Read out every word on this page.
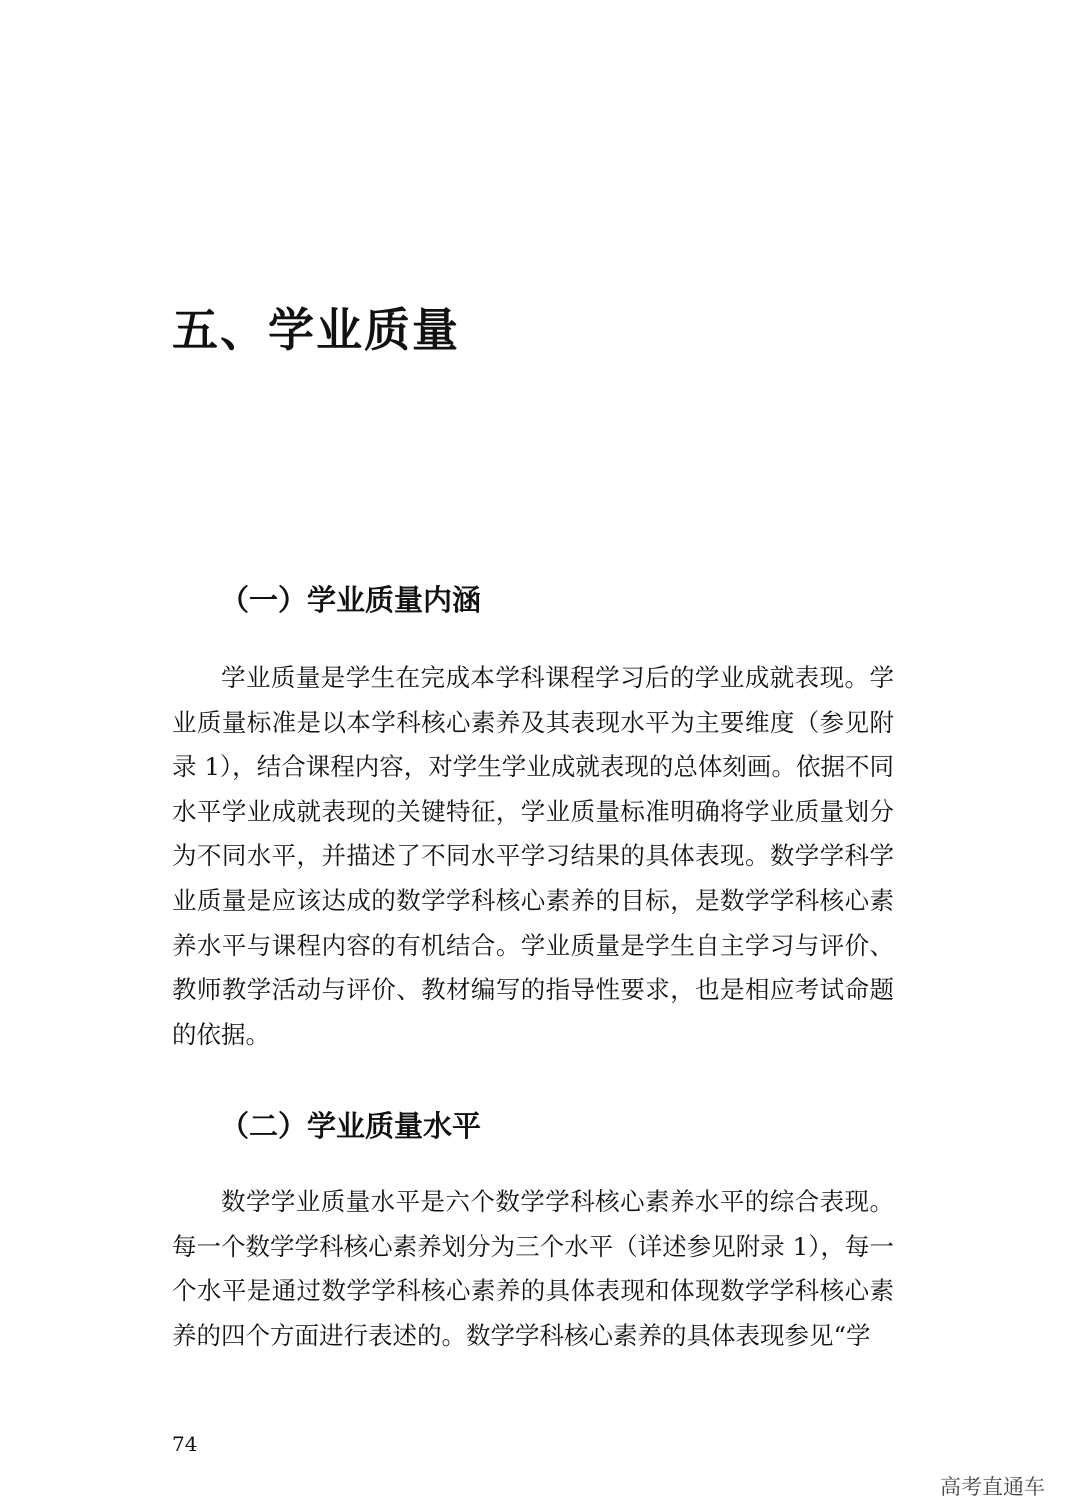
五、学业质量
（一）学业质量内涵

学业质量是学生在完成本学科课程学习后的学业成就表现。学业质量标准是以本学科核心素养及其表现水平为主要维度（参见附录 1），结合课程内容，对学生学业成就表现的总体刻画。依据不同水平学业成就表现的关键特征，学业质量标准明确将学业质量划分为不同水平，并描述了不同水平学习结果的具体表现。数学学科学业质量是应该达成的数学学科核心素养的目标，是数学学科核心素养水平与课程内容的有机结合。学业质量是学生自主学习与评价、教师教学活动与评价、教材编写的指导性要求，也是相应考试命题的依据。

（二）学业质量水平

数学学业质量水平是六个数学学科核心素养水平的综合表现。每一个数学学科核心素养划分为三个水平（详述参见附录 1），每一个水平是通过数学学科核心素养的具体表现和体现数学学科核心素养的四个方面进行表述的。数学学科核心素养的具体表现参见“学

74
高考直通车
